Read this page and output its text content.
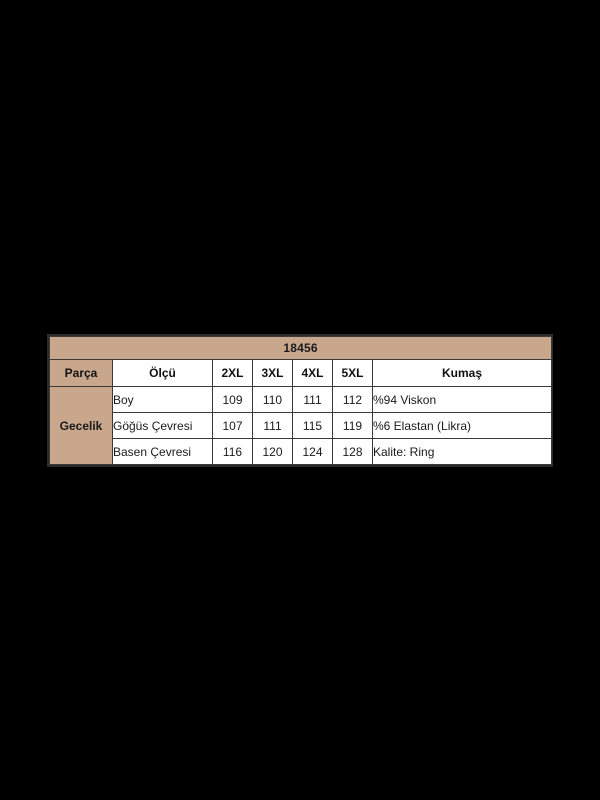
18456						
Parça	Ölçü	2XL	3XL	4XL	5XL	Kumaş
Gecelik	Boy	109	110	111	112	%94 Viskon
	Göğüs Çevresi	107	111	115	119	%6 Elastan (Likra)
	Basen Çevresi	116	120	124	128	Kalite: Ring
